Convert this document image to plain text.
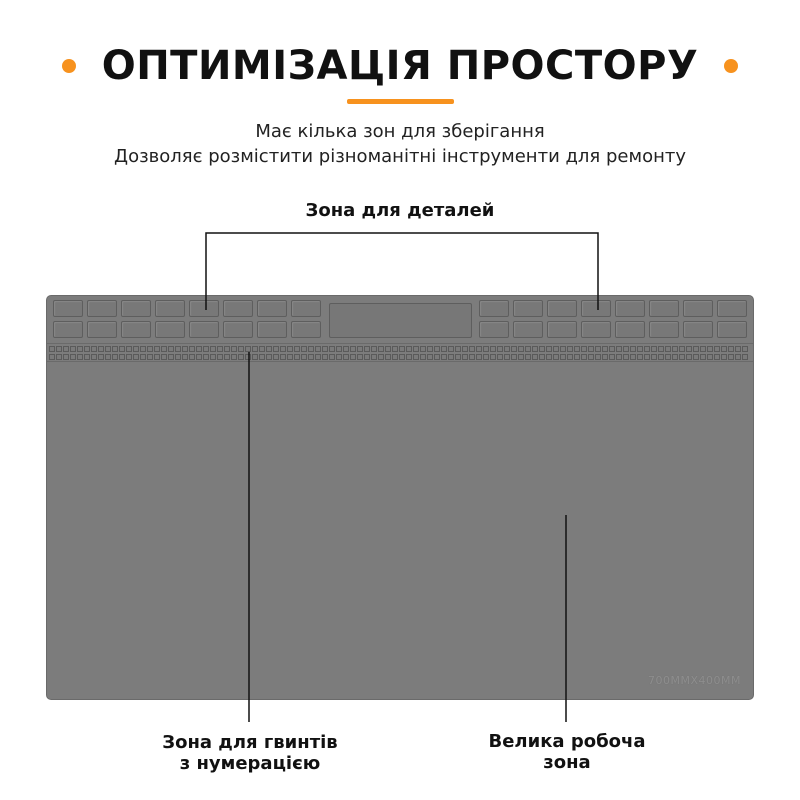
ОПТИМІЗАЦІЯ ПРОСТОРУ
Має кілька зон для зберігання
Дозволяє розмістити різноманітні інструменти для ремонту
Зона для деталей
700MMX400MM
Зона для гвинтів
з нумерацією
Велика робоча
зона
